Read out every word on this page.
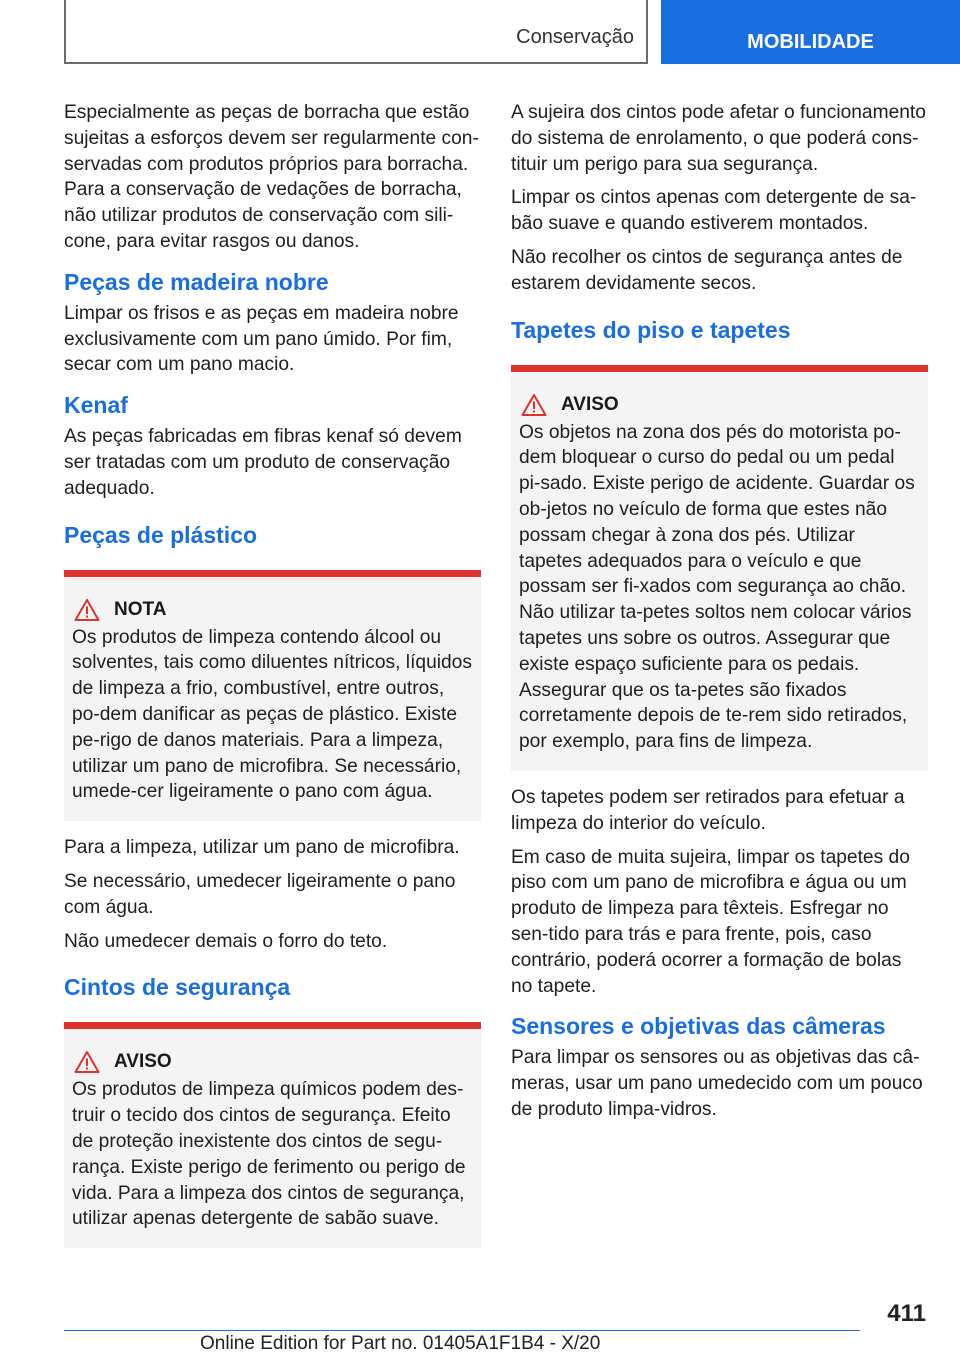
Conservação	MOBILIDADE

Especialmente as peças de borracha que estão sujeitas a esforços devem ser regularmente con-servadas com produtos próprios para borracha. Para a conservação de vedações de borracha, não utilizar produtos de conservação com sili-cone, para evitar rasgos ou danos.

Peças de madeira nobre

Limpar os frisos e as peças em madeira nobre exclusivamente com um pano úmido. Por fim, secar com um pano macio.

Kenaf

As peças fabricadas em fibras kenaf só devem ser tratadas com um produto de conservação adequado.

Peças de plástico
NOTA

Os produtos de limpeza contendo álcool ou solventes, tais como diluentes nítricos, líquidos de limpeza a frio, combustível, entre outros, po-dem danificar as peças de plástico. Existe pe-rigo de danos materiais. Para a limpeza, utilizar um pano de microfibra. Se necessário, umede-cer ligeiramente o pano com água.

Para a limpeza, utilizar um pano de microfibra.

Se necessário, umedecer ligeiramente o pano com água.

Não umedecer demais o forro do teto.

Cintos de segurança
AVISO

Os produtos de limpeza químicos podem des-truir o tecido dos cintos de segurança. Efeito de proteção inexistente dos cintos de segu-rança. Existe perigo de ferimento ou perigo de vida. Para a limpeza dos cintos de segurança, utilizar apenas detergente de sabão suave.

A sujeira dos cintos pode afetar o funcionamento do sistema de enrolamento, o que poderá cons-tituir um perigo para sua segurança.

Limpar os cintos apenas com detergente de sa-bão suave e quando estiverem montados.

Não recolher os cintos de segurança antes de estarem devidamente secos.

Tapetes do piso e tapetes
AVISO

Os objetos na zona dos pés do motorista po-dem bloquear o curso do pedal ou um pedal pi-sado. Existe perigo de acidente. Guardar os ob-jetos no veículo de forma que estes não possam chegar à zona dos pés. Utilizar tapetes adequados para o veículo e que possam ser fi-xados com segurança ao chão. Não utilizar ta-petes soltos nem colocar vários tapetes uns sobre os outros. Assegurar que existe espaço suficiente para os pedais. Assegurar que os ta-petes são fixados corretamente depois de te-rem sido retirados, por exemplo, para fins de limpeza.

Os tapetes podem ser retirados para efetuar a limpeza do interior do veículo.

Em caso de muita sujeira, limpar os tapetes do piso com um pano de microfibra e água ou um produto de limpeza para têxteis. Esfregar no sen-tido para trás e para frente, pois, caso contrário, poderá ocorrer a formação de bolas no tapete.

Sensores e objetivas das câmeras

Para limpar os sensores ou as objetivas das câ-meras, usar um pano umedecido com um pouco de produto limpa-vidros.

411
Online Edition for Part no. 01405A1F1B4 - X/20
